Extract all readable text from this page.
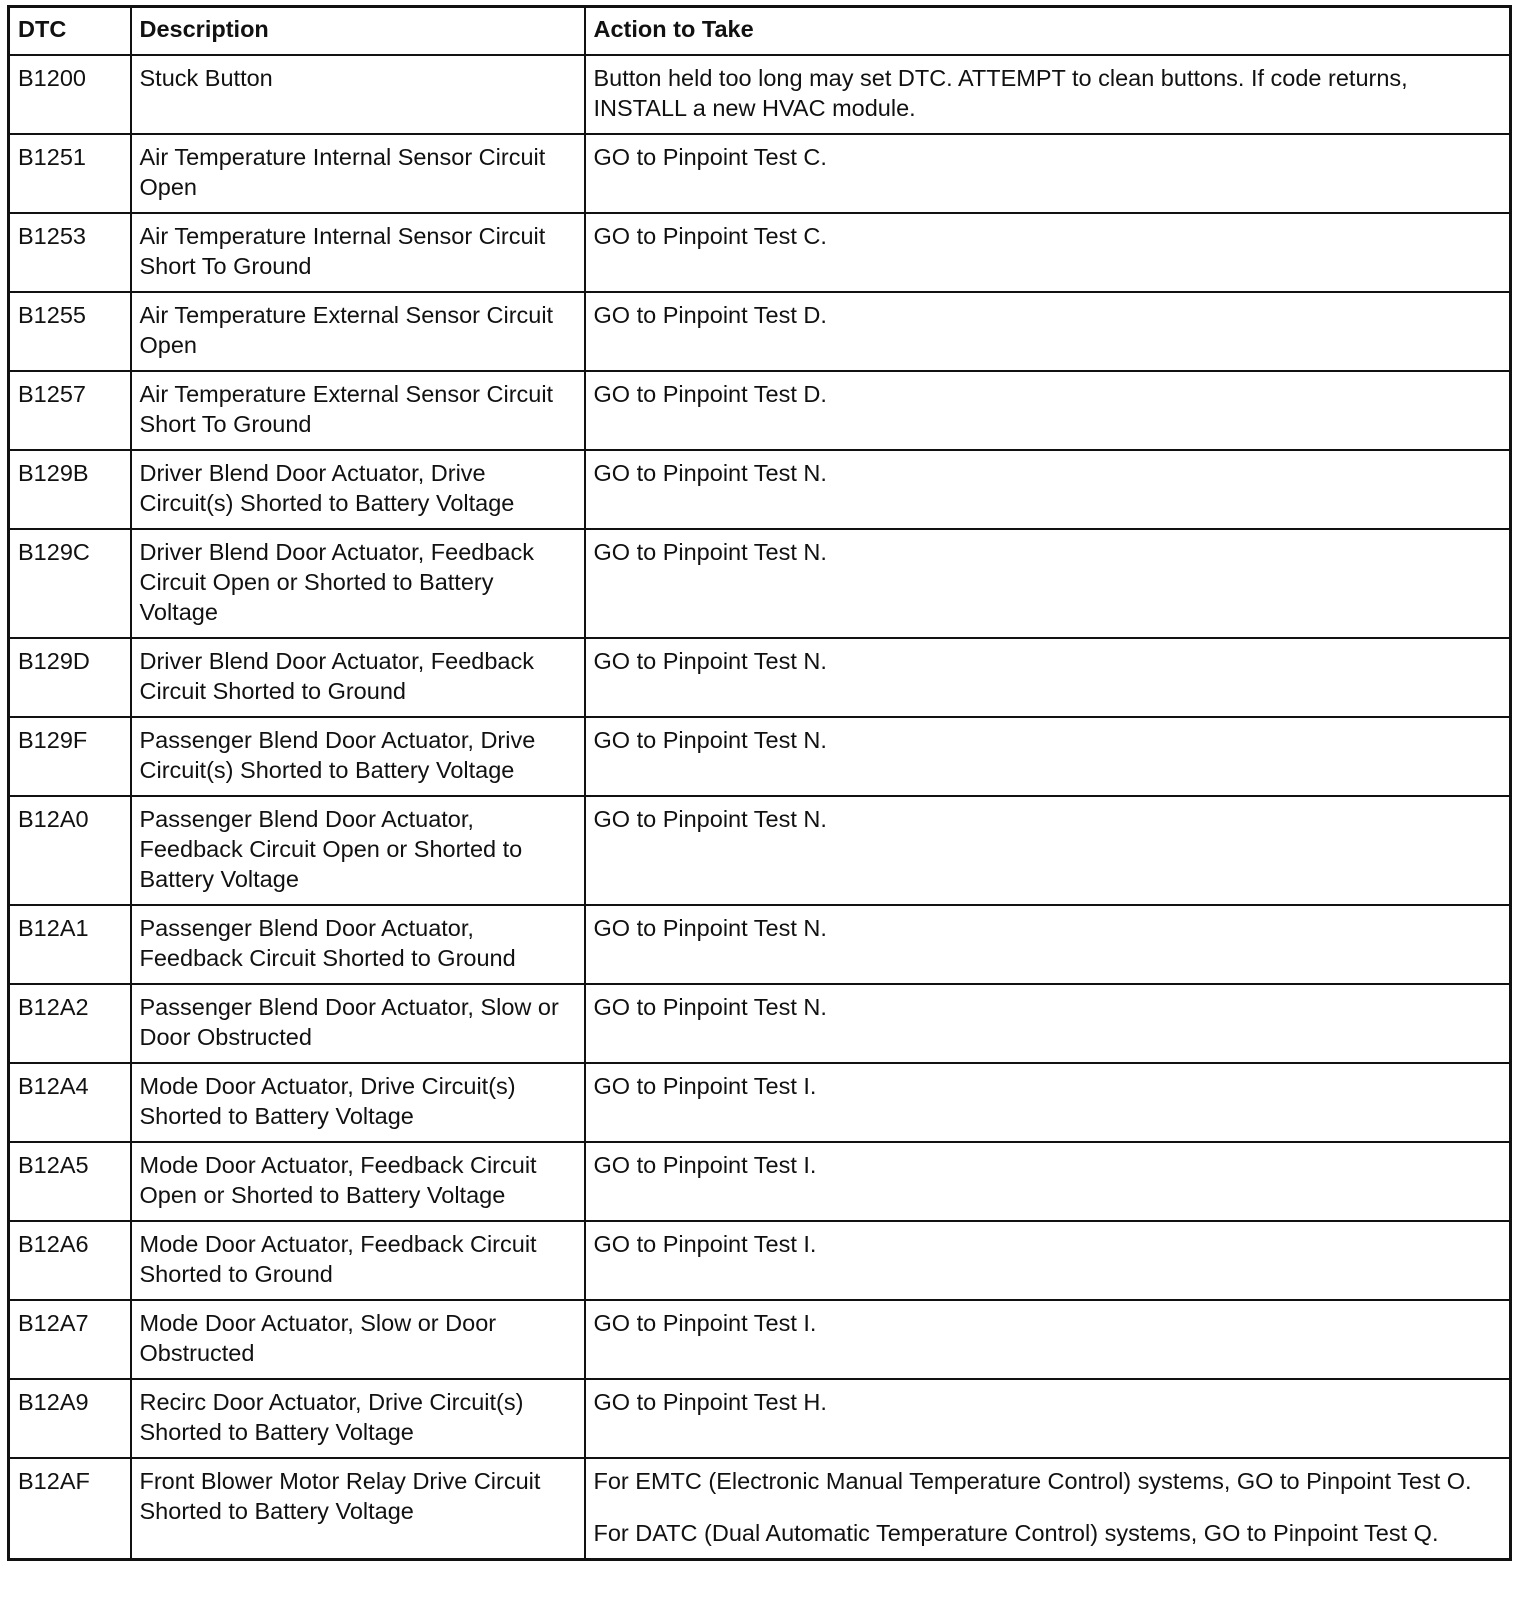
DTC	Description	Action to Take
B1200	Stuck Button	Button held too long may set DTC. ATTEMPT to clean buttons. If code returns, INSTALL a new HVAC module.

B1251	Air Temperature Internal Sensor Circuit Open	GO to Pinpoint Test C.

B1253	Air Temperature Internal Sensor Circuit Short To Ground	GO to Pinpoint Test C.

B1255	Air Temperature External Sensor Circuit Open	GO to Pinpoint Test D.

B1257	Air Temperature External Sensor Circuit Short To Ground	GO to Pinpoint Test D.

B129B	Driver Blend Door Actuator, Drive Circuit(s) Shorted to Battery Voltage	GO to Pinpoint Test N.

B129C	Driver Blend Door Actuator, Feedback Circuit Open or Shorted to Battery Voltage	GO to Pinpoint Test N.

B129D	Driver Blend Door Actuator, Feedback Circuit Shorted to Ground	GO to Pinpoint Test N.

B129F	Passenger Blend Door Actuator, Drive Circuit(s) Shorted to Battery Voltage	GO to Pinpoint Test N.

B12A0	Passenger Blend Door Actuator, Feedback Circuit Open or Shorted to Battery Voltage	GO to Pinpoint Test N.

B12A1	Passenger Blend Door Actuator, Feedback Circuit Shorted to Ground	GO to Pinpoint Test N.

B12A2	Passenger Blend Door Actuator, Slow or Door Obstructed	GO to Pinpoint Test N.

B12A4	Mode Door Actuator, Drive Circuit(s) Shorted to Battery Voltage	GO to Pinpoint Test I.

B12A5	Mode Door Actuator, Feedback Circuit Open or Shorted to Battery Voltage	GO to Pinpoint Test I.

B12A6	Mode Door Actuator, Feedback Circuit Shorted to Ground	GO to Pinpoint Test I.

B12A7	Mode Door Actuator, Slow or Door Obstructed	GO to Pinpoint Test I.

B12A9	Recirc Door Actuator, Drive Circuit(s) Shorted to Battery Voltage	GO to Pinpoint Test H.

B12AF	Front Blower Motor Relay Drive Circuit Shorted to Battery Voltage	For EMTC (Electronic Manual Temperature Control) systems, GO to Pinpoint Test O.

For DATC (Dual Automatic Temperature Control) systems, GO to Pinpoint Test Q.
